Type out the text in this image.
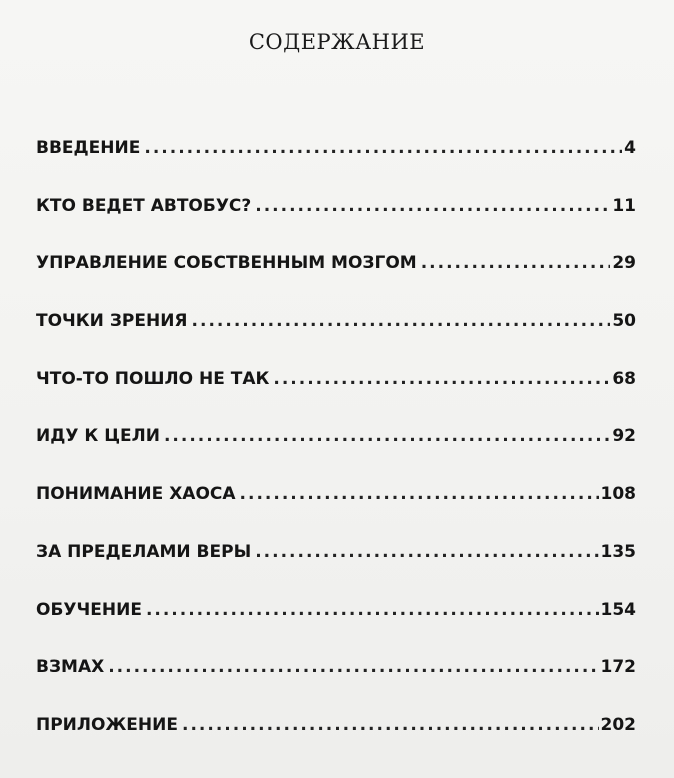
СОДЕРЖАНИЕ
ВВЕДЕНИЕ .....	4
КТО ВЕДЕТ АВТОБУС? .....	11
УПРАВЛЕНИЕ СОБСТВЕННЫМ МОЗГОМ .....	29
ТОЧКИ ЗРЕНИЯ .....	50
ЧТО-ТО ПОШЛО НЕ ТАК .....	68
ИДУ К ЦЕЛИ .....	92
ПОНИМАНИЕ ХАОСА .....	108
ЗА ПРЕДЕЛАМИ ВЕРЫ .....	135
ОБУЧЕНИЕ .....	154
ВЗМАХ .....	172
ПРИЛОЖЕНИЕ .....	202
